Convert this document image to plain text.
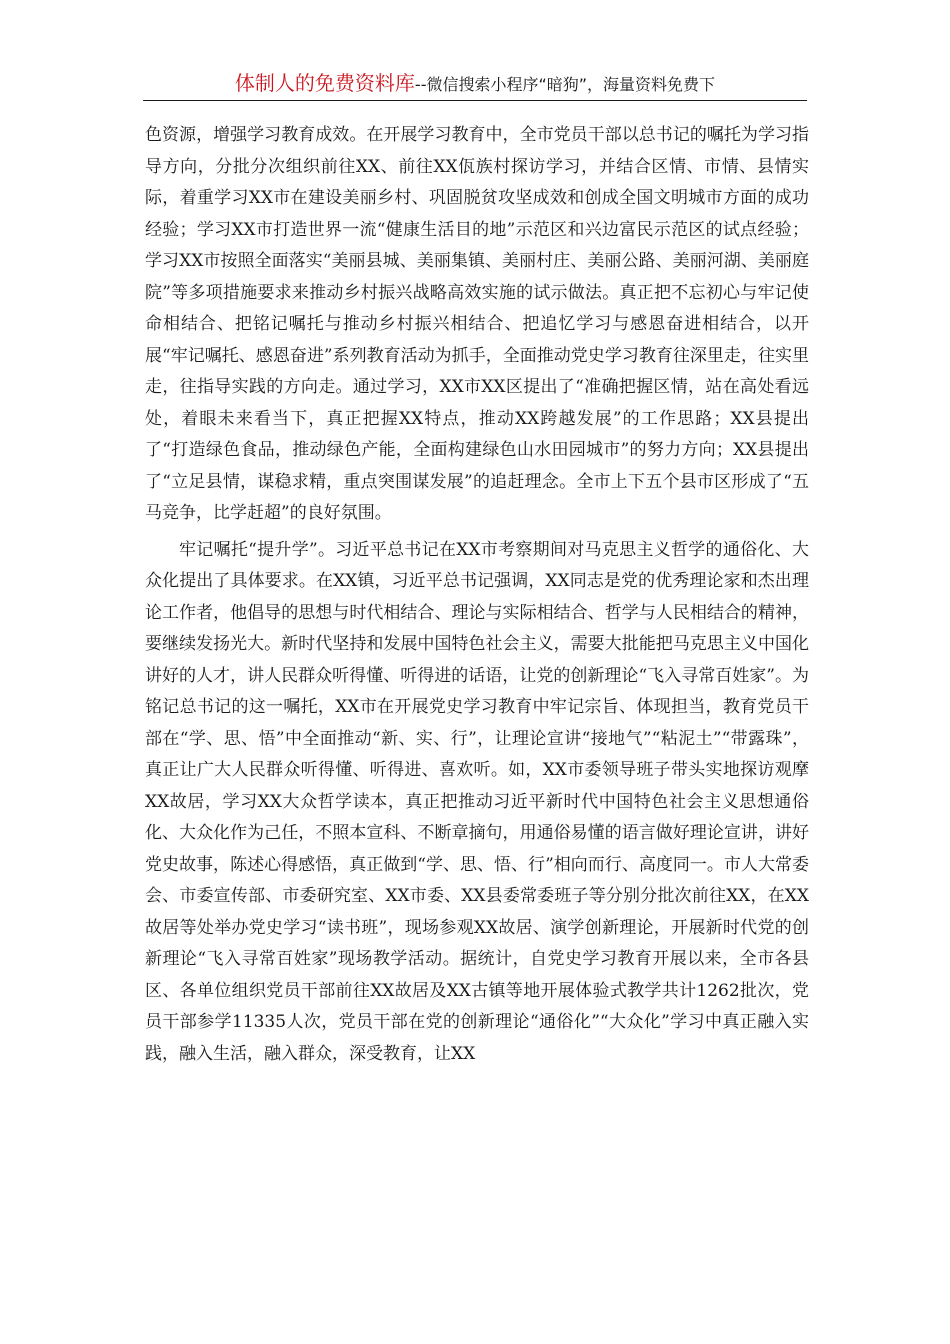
体制人的免费资料库--微信搜索小程序“暗狗”，海量资料免费下

色资源，增强学习教育成效。在开展学习教育中，全市党员干部以总书记的嘱托为学习指导方向，分批分次组织前往XX、前往XX佤族村探访学习，并结合区情、市情、县情实际，着重学习XX市在建设美丽乡村、巩固脱贫攻坚成效和创成全国文明城市方面的成功经验；学习XX市打造世界一流“健康生活目的地”示范区和兴边富民示范区的试点经验；学习XX市按照全面落实“美丽县城、美丽集镇、美丽村庄、美丽公路、美丽河湖、美丽庭院”等多项措施要求来推动乡村振兴战略高效实施的试示做法。真正把不忘初心与牢记使命相结合、把铭记嘱托与推动乡村振兴相结合、把追忆学习与感恩奋进相结合，以开展“牢记嘱托、感恩奋进”系列教育活动为抓手，全面推动党史学习教育往深里走，往实里走，往指导实践的方向走。通过学习，XX市XX区提出了“准确把握区情，站在高处看远处，着眼未来看当下，真正把握XX特点，推动XX跨越发展”的工作思路；XX县提出了“打造绿色食品，推动绿色产能，全面构建绿色山水田园城市”的努力方向；XX县提出了“立足县情，谋稳求精，重点突围谋发展”的追赶理念。全市上下五个县市区形成了“五马竞争，比学赶超”的良好氛围。

牢记嘱托“提升学”。习近平总书记在XX市考察期间对马克思主义哲学的通俗化、大众化提出了具体要求。在XX镇，习近平总书记强调，XX同志是党的优秀理论家和杰出理论工作者，他倡导的思想与时代相结合、理论与实际相结合、哲学与人民相结合的精神，要继续发扬光大。新时代坚持和发展中国特色社会主义，需要大批能把马克思主义中国化讲好的人才，讲人民群众听得懂、听得进的话语，让党的创新理论“飞入寻常百姓家”。为铭记总书记的这一嘱托，XX市在开展党史学习教育中牢记宗旨、体现担当，教育党员干部在“学、思、悟”中全面推动“新、实、行”，让理论宣讲“接地气”“粘泥土”“带露珠”，真正让广大人民群众听得懂、听得进、喜欢听。如，XX市委领导班子带头实地探访观摩XX故居，学习XX大众哲学读本，真正把推动习近平新时代中国特色社会主义思想通俗化、大众化作为己任，不照本宣科、不断章摘句，用通俗易懂的语言做好理论宣讲，讲好党史故事，陈述心得感悟，真正做到“学、思、悟、行”相向而行、高度同一。市人大常委会、市委宣传部、市委研究室、XX市委、XX县委常委班子等分别分批次前往XX，在XX故居等处举办党史学习“读书班”，现场参观XX故居、演学创新理论，开展新时代党的创新理论“飞入寻常百姓家”现场教学活动。据统计，自党史学习教育开展以来，全市各县区、各单位组织党员干部前往XX故居及XX古镇等地开展体验式教学共计1262批次，党员干部参学11335人次，党员干部在党的创新理论“通俗化”“大众化”学习中真正融入实践，融入生活，融入群众，深受教育，让XX
